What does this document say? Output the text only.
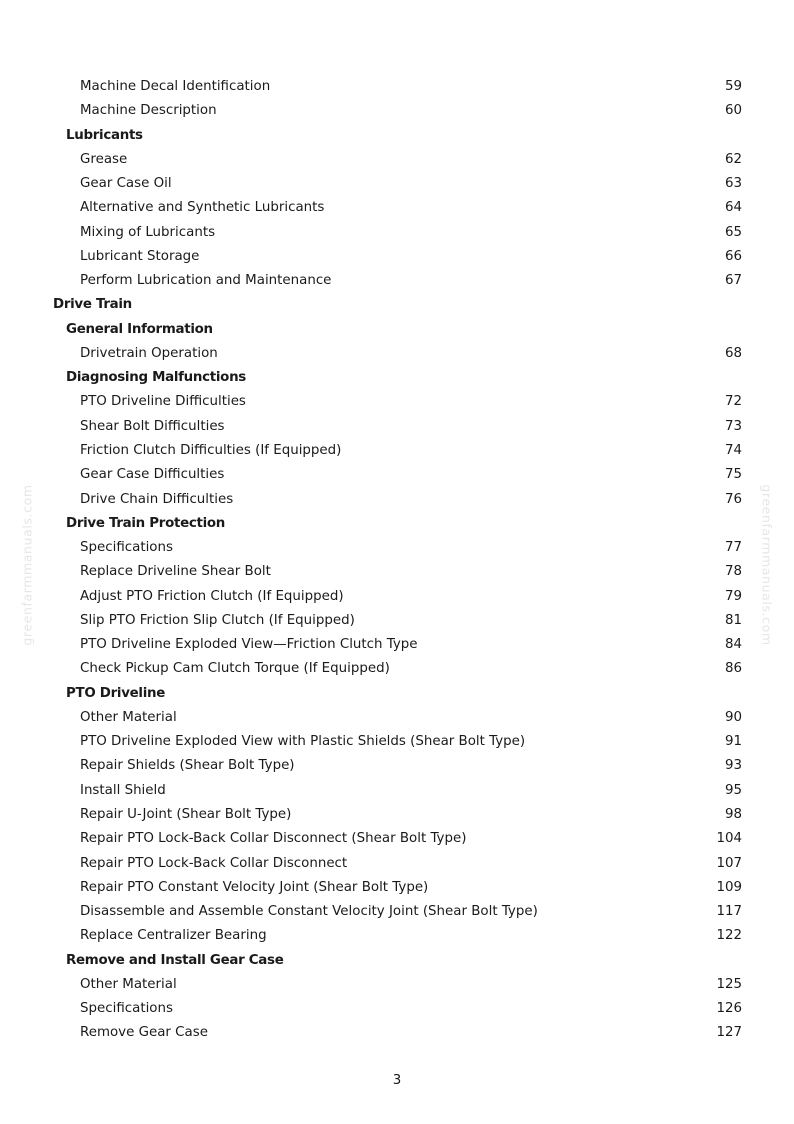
Machine Decal Identification	59
Machine Description	60
Lubricants
Grease	62
Gear Case Oil	63
Alternative and Synthetic Lubricants	64
Mixing of Lubricants	65
Lubricant Storage	66
Perform Lubrication and Maintenance	67
Drive Train
General Information
Drivetrain Operation	68
Diagnosing Malfunctions
PTO Driveline Difficulties	72
Shear Bolt Difficulties	73
Friction Clutch Difficulties (If Equipped)	74
Gear Case Difficulties	75
Drive Chain Difficulties	76
Drive Train Protection
Specifications	77
Replace Driveline Shear Bolt	78
Adjust PTO Friction Clutch (If Equipped)	79
Slip PTO Friction Slip Clutch (If Equipped)	81
PTO Driveline Exploded View—Friction Clutch Type	84
Check Pickup Cam Clutch Torque (If Equipped)	86
PTO Driveline
Other Material	90
PTO Driveline Exploded View with Plastic Shields (Shear Bolt Type)	91
Repair Shields (Shear Bolt Type)	93
Install Shield	95
Repair U-Joint (Shear Bolt Type)	98
Repair PTO Lock-Back Collar Disconnect (Shear Bolt Type)	104
Repair PTO Lock-Back Collar Disconnect	107
Repair PTO Constant Velocity Joint (Shear Bolt Type)	109
Disassemble and Assemble Constant Velocity Joint (Shear Bolt Type)	117
Replace Centralizer Bearing	122
Remove and Install Gear Case
Other Material	125
Specifications	126
Remove Gear Case	127
greenfarmmanuals.com	greenfarmmanuals.com
3
